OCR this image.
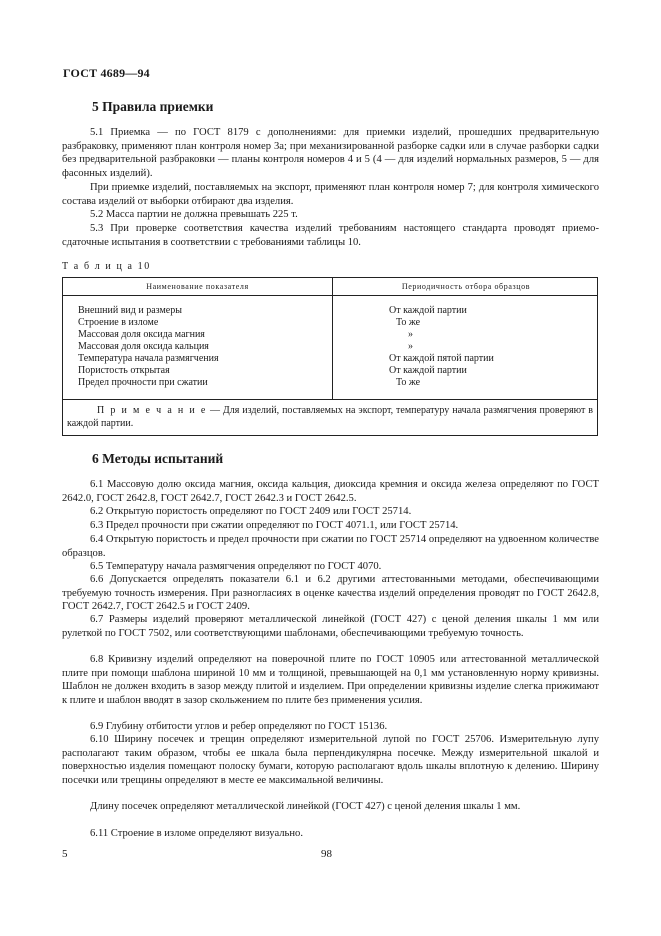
ГОСТ 4689—94
5 Правила приемки

5.1 Приемка — по ГОСТ 8179 с дополнениями: для приемки изделий, прошедших предварительную разбраковку, применяют план контроля номер 3а; при механизированной разборке садки или в случае разборки садки без предварительной разбраковки — планы контроля номеров 4 и 5 (4 — для изделий нормальных размеров, 5 — для фасонных изделий).

При приемке изделий, поставляемых на экспорт, применяют план контроля номер 7; для контроля химического состава изделий от выборки отбирают два изделия.

5.2 Масса партии не должна превышать 225 т.

5.3 При проверке соответствия качества изделий требованиям настоящего стандарта проводят приемо-сдаточные испытания в соответствии с требованиями таблицы 10.

Т а б л и ц а 10
Наименование показателя	Периодичность отбора образцов
Внешний вид и размеры	От каждой партии
Строение в изломе	То же
Массовая доля оксида магния	»
Массовая доля оксида кальция	»
Температура начала размягчения	От каждой пятой партии
Пористость открытая	От каждой партии
Предел прочности при сжатии	То же
П р и м е ч а н и е — Для изделий, поставляемых на экспорт, температуру начала размягчения проверяют в каждой партии.
6 Методы испытаний

6.1 Массовую долю оксида магния, оксида кальция, диоксида кремния и оксида железа определяют по ГОСТ 2642.0, ГОСТ 2642.8, ГОСТ 2642.7, ГОСТ 2642.3 и ГОСТ 2642.5.

6.2 Открытую пористость определяют по ГОСТ 2409 или ГОСТ 25714.

6.3 Предел прочности при сжатии определяют по ГОСТ 4071.1, или ГОСТ 25714.

6.4 Открытую пористость и предел прочности при сжатии по ГОСТ 25714 определяют на удвоенном количестве образцов.

6.5 Температуру начала размягчения определяют по ГОСТ 4070.

6.6 Допускается определять показатели 6.1 и 6.2 другими аттестованными методами, обеспечивающими требуемую точность измерения. При разногласиях в оценке качества изделий определения проводят по ГОСТ 2642.8, ГОСТ 2642.7, ГОСТ 2642.5 и ГОСТ 2409.

6.7 Размеры изделий проверяют металлической линейкой (ГОСТ 427) с ценой деления шкалы 1 мм или рулеткой по ГОСТ 7502, или соответствующими шаблонами, обеспечивающими требуемую точность.

6.8 Кривизну изделий определяют на поверочной плите по ГОСТ 10905 или аттестованной металлической плите при помощи шаблона шириной 10 мм и толщиной, превышающей на 0,1 мм установленную норму кривизны. Шаблон не должен входить в зазор между плитой и изделием. При определении кривизны изделие слегка прижимают к плите и шаблон вводят в зазор скольжением по плите без применения усилия.

6.9 Глубину отбитости углов и ребер определяют по ГОСТ 15136.

6.10 Ширину посечек и трещин определяют измерительной лупой по ГОСТ 25706. Измерительную лупу располагают таким образом, чтобы ее шкала была перпендикулярна посечке. Между измерительной шкалой и поверхностью изделия помещают полоску бумаги, которую располагают вдоль шкалы вплотную к делению. Ширину посечки или трещины определяют в месте ее максимальной величины.

Длину посечек определяют металлической линейкой (ГОСТ 427) с ценой деления шкалы 1 мм.

6.11 Строение в изломе определяют визуально.

5	98
